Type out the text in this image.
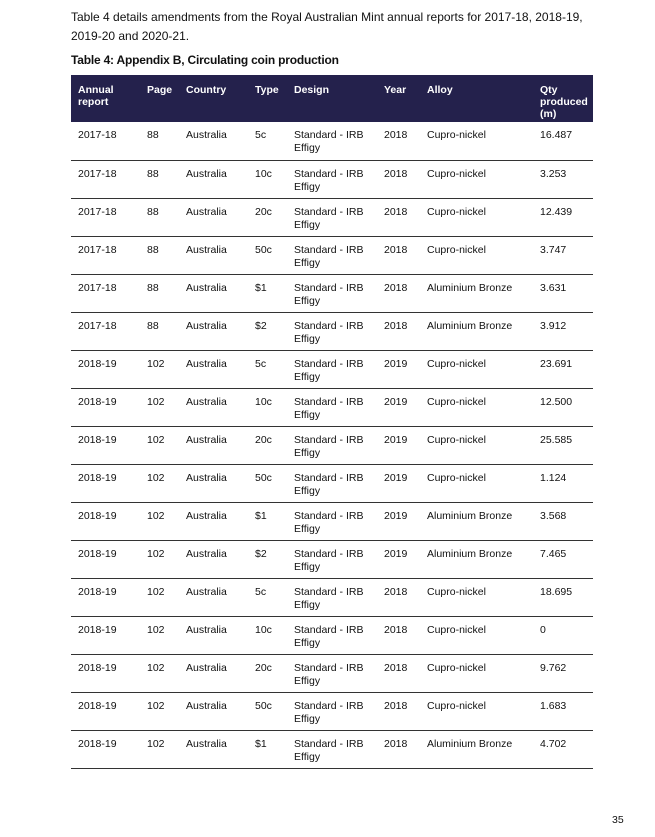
Table 4 details amendments from the Royal Australian Mint annual reports for 2017-18, 2018-19, 2019-20 and 2020-21.

Table 4: Appendix B, Circulating coin production

Annual report	Page	Country	Type	Design	Year	Alloy	Qty produced (m)
2017-18	88	Australia	5c	Standard - IRB Effigy	2018	Cupro-nickel	16.487
2017-18	88	Australia	10c	Standard - IRB Effigy	2018	Cupro-nickel	3.253
2017-18	88	Australia	20c	Standard - IRB Effigy	2018	Cupro-nickel	12.439
2017-18	88	Australia	50c	Standard - IRB Effigy	2018	Cupro-nickel	3.747
2017-18	88	Australia	$1	Standard - IRB Effigy	2018	Aluminium Bronze	3.631
2017-18	88	Australia	$2	Standard - IRB Effigy	2018	Aluminium Bronze	3.912
2018-19	102	Australia	5c	Standard - IRB Effigy	2019	Cupro-nickel	23.691
2018-19	102	Australia	10c	Standard - IRB Effigy	2019	Cupro-nickel	12.500
2018-19	102	Australia	20c	Standard - IRB Effigy	2019	Cupro-nickel	25.585
2018-19	102	Australia	50c	Standard - IRB Effigy	2019	Cupro-nickel	1.124
2018-19	102	Australia	$1	Standard - IRB Effigy	2019	Aluminium Bronze	3.568
2018-19	102	Australia	$2	Standard - IRB Effigy	2019	Aluminium Bronze	7.465
2018-19	102	Australia	5c	Standard - IRB Effigy	2018	Cupro-nickel	18.695
2018-19	102	Australia	10c	Standard - IRB Effigy	2018	Cupro-nickel	0
2018-19	102	Australia	20c	Standard - IRB Effigy	2018	Cupro-nickel	9.762
2018-19	102	Australia	50c	Standard - IRB Effigy	2018	Cupro-nickel	1.683
2018-19	102	Australia	$1	Standard - IRB Effigy	2018	Aluminium Bronze	4.702

35
